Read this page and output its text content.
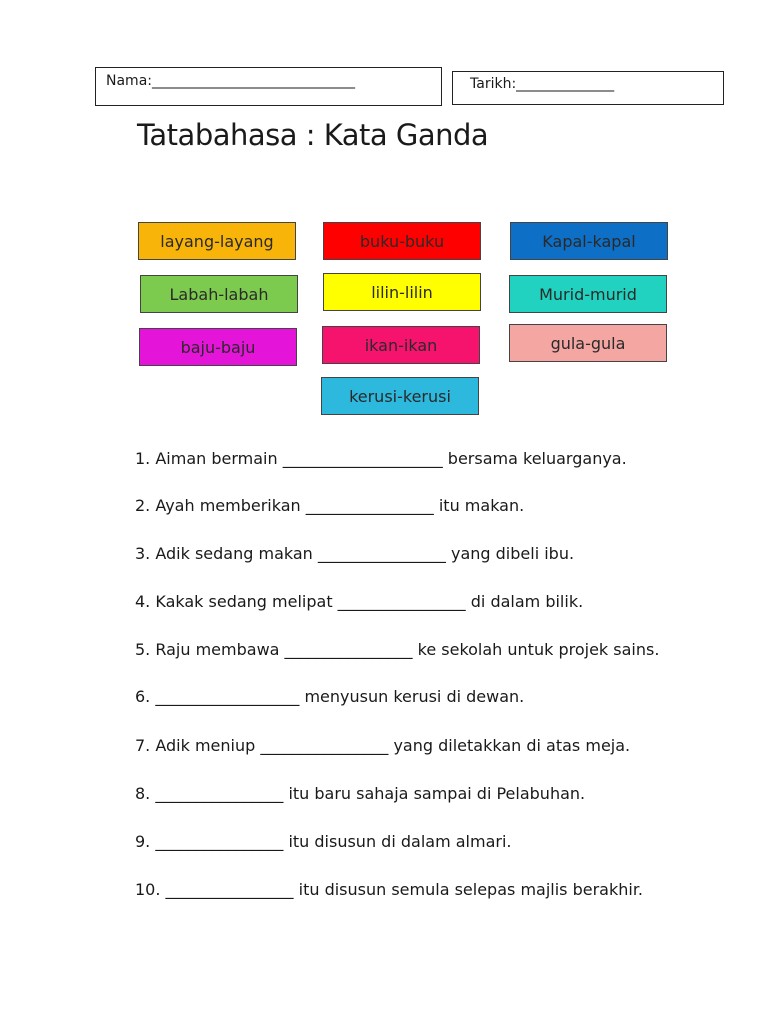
Nama:_____________________________	Tarikh:______________
Tatabahasa : Kata Ganda
layang-layang	buku-buku	Kapal-kapal
Labah-labah	lilin-lilin	Murid-murid
baju-baju	ikan-ikan	gula-gula
kerusi-kerusi
1. Aiman bermain ____________________ bersama keluarganya.
2. Ayah memberikan ________________ itu makan.
3. Adik sedang makan ________________ yang dibeli ibu.
4. Kakak sedang melipat ________________ di dalam bilik.
5. Raju membawa ________________ ke sekolah untuk projek sains.
6. __________________ menyusun kerusi di dewan.
7. Adik meniup ________________ yang diletakkan di atas meja.
8. ________________ itu baru sahaja sampai di Pelabuhan.
9. ________________ itu disusun di dalam almari.
10. ________________ itu disusun semula selepas majlis berakhir.
